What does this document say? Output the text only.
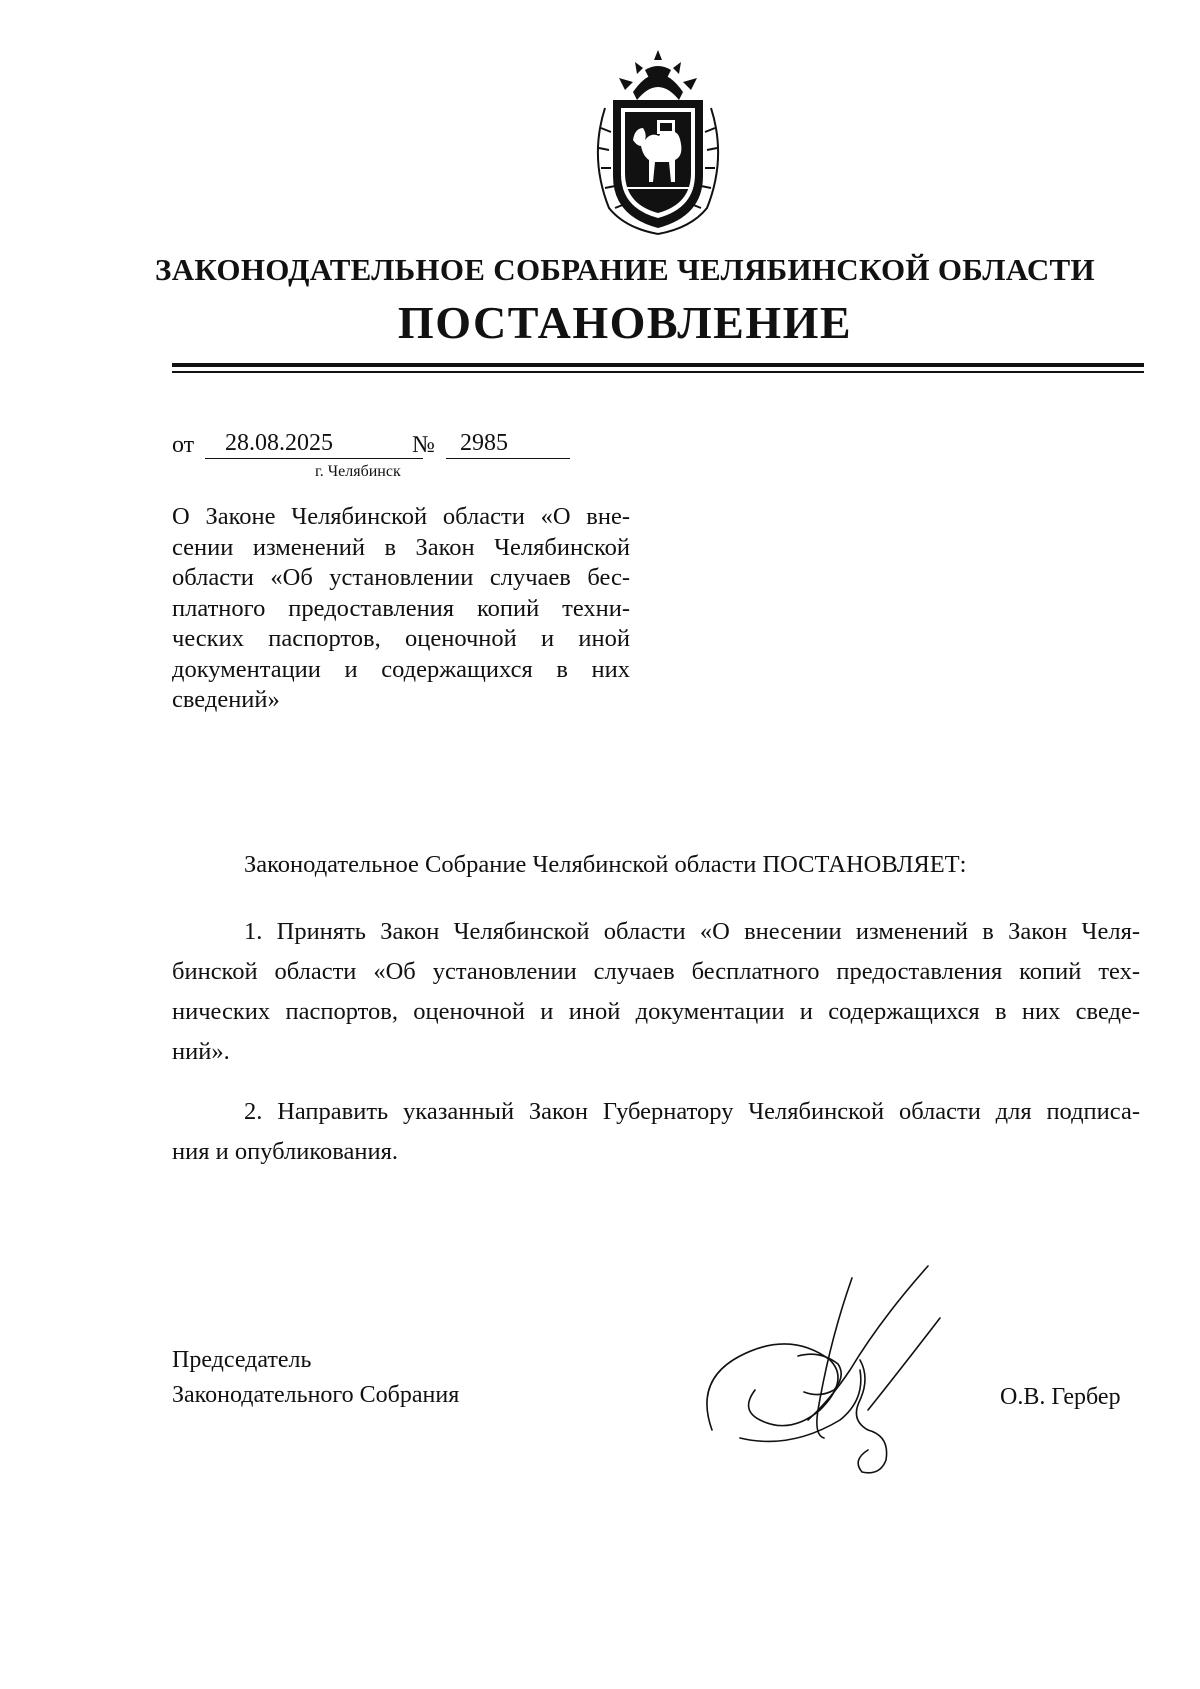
ЗАКОНОДАТЕЛЬНОЕ СОБРАНИЕ ЧЕЛЯБИНСКОЙ ОБЛАСТИ
ПОСТАНОВЛЕНИЕ
от	28.08.2025	№	2985
г. Челябинск
О Законе Челябинской области «О вне-
сении изменений в Закон Челябинской
области «Об установлении случаев бес-
платного предоставления копий техни-
ческих паспортов, оценочной и иной
документации и содержащихся в них
сведений»
Законодательное Собрание Челябинской области ПОСТАНОВЛЯЕТ:
1. Принять Закон Челябинской области «О внесении изменений в Закон Челя-
бинской области «Об установлении случаев бесплатного предоставления копий тех-
нических паспортов, оценочной и иной документации и содержащихся в них сведе-
ний».
2. Направить указанный Закон Губернатору Челябинской области для подписа-
ния и опубликования.
Председатель
Законодательного Собрания	О.В. Гербер
